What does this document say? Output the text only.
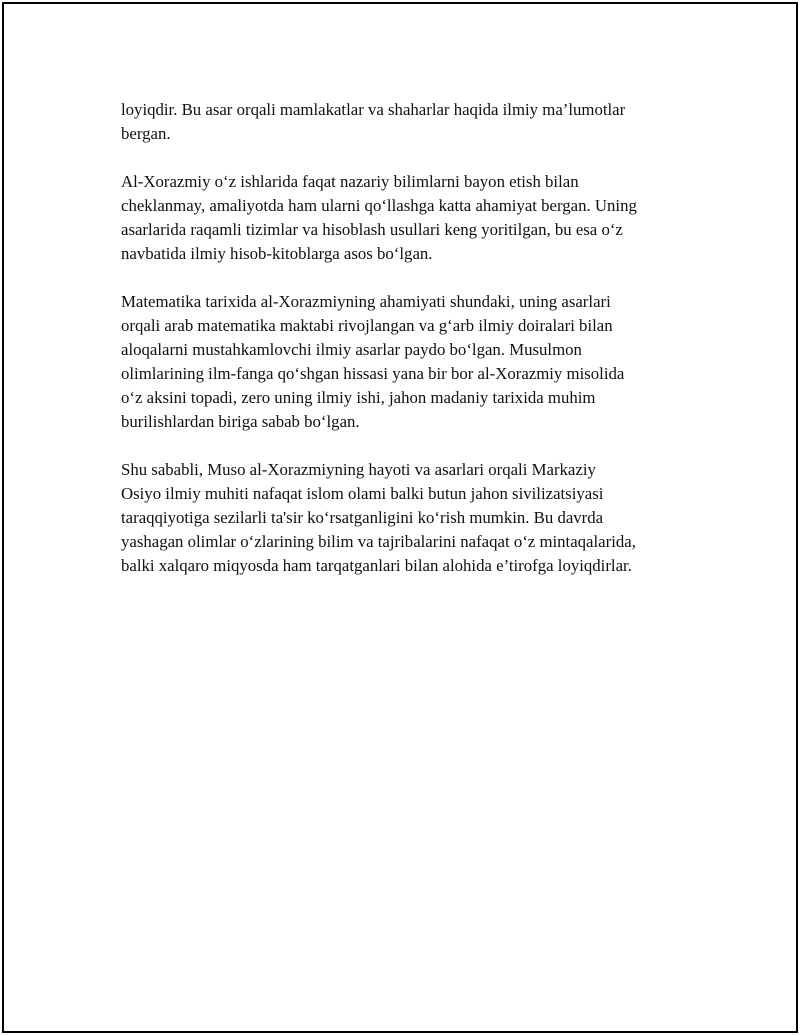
loyiqdir. Bu asar orqali mamlakatlar va shaharlar haqida ilmiy ma’lumotlar
bergan.

Al-Xorazmiy o‘z ishlarida faqat nazariy bilimlarni bayon etish bilan
cheklanmay, amaliyotda ham ularni qo‘llashga katta ahamiyat bergan. Uning
asarlarida raqamli tizimlar va hisoblash usullari keng yoritilgan, bu esa o‘z
navbatida ilmiy hisob-kitoblarga asos bo‘lgan.

Matematika tarixida al-Xorazmiyning ahamiyati shundaki, uning asarlari
orqali arab matematika maktabi rivojlangan va g‘arb ilmiy doiralari bilan
aloqalarni mustahkamlovchi ilmiy asarlar paydo bo‘lgan. Musulmon
olimlarining ilm-fanga qo‘shgan hissasi yana bir bor al-Xorazmiy misolida
o‘z aksini topadi, zero uning ilmiy ishi, jahon madaniy tarixida muhim
burilishlardan biriga sabab bo‘lgan.

Shu sababli, Muso al-Xorazmiyning hayoti va asarlari orqali Markaziy
Osiyo ilmiy muhiti nafaqat islom olami balki butun jahon sivilizatsiyasi
taraqqiyotiga sezilarli ta'sir ko‘rsatganligini ko‘rish mumkin. Bu davrda
yashagan olimlar o‘zlarining bilim va tajribalarini nafaqat o‘z mintaqalarida,
balki xalqaro miqyosda ham tarqatganlari bilan alohida e’tirofga loyiqdirlar.
